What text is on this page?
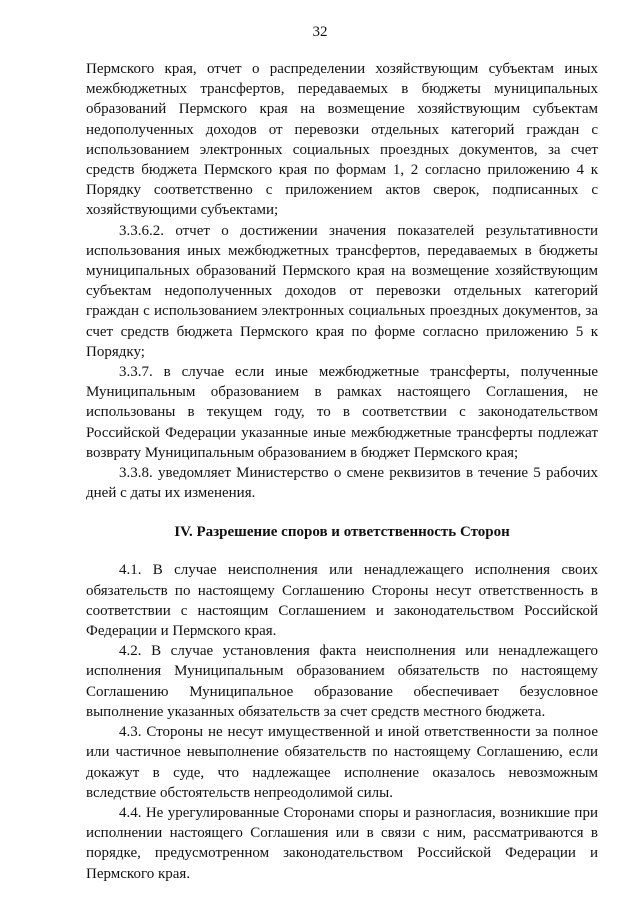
32

Пермского края, отчет о распределении хозяйствующим субъектам иных межбюджетных трансфертов, передаваемых в бюджеты муниципальных образований Пермского края на возмещение хозяйствующим субъектам недополученных доходов от перевозки отдельных категорий граждан с использованием электронных социальных проездных документов, за счет средств бюджета Пермского края по формам 1, 2 согласно приложению 4 к Порядку соответственно с приложением актов сверок, подписанных с хозяйствующими субъектами;

3.3.6.2. отчет о достижении значения показателей результативности использования иных межбюджетных трансфертов, передаваемых в бюджеты муниципальных образований Пермского края на возмещение хозяйствующим субъектам недополученных доходов от перевозки отдельных категорий граждан с использованием электронных социальных проездных документов, за счет средств бюджета Пермского края по форме согласно приложению 5 к Порядку;

3.3.7. в случае если иные межбюджетные трансферты, полученные Муниципальным образованием в рамках настоящего Соглашения, не использованы в текущем году, то в соответствии с законодательством Российской Федерации указанные иные межбюджетные трансферты подлежат возврату Муниципальным образованием в бюджет Пермского края;

3.3.8. уведомляет Министерство о смене реквизитов в течение 5 рабочих дней с даты их изменения.

IV. Разрешение споров и ответственность Сторон

4.1. В случае неисполнения или ненадлежащего исполнения своих обязательств по настоящему Соглашению Стороны несут ответственность в соответствии с настоящим Соглашением и законодательством Российской Федерации и Пермского края.

4.2. В случае установления факта неисполнения или ненадлежащего исполнения Муниципальным образованием обязательств по настоящему Соглашению Муниципальное образование обеспечивает безусловное выполнение указанных обязательств за счет средств местного бюджета.

4.3. Стороны не несут имущественной и иной ответственности за полное или частичное невыполнение обязательств по настоящему Соглашению, если докажут в суде, что надлежащее исполнение оказалось невозможным вследствие обстоятельств непреодолимой силы.

4.4. Не урегулированные Сторонами споры и разногласия, возникшие при исполнении настоящего Соглашения или в связи с ним, рассматриваются в порядке, предусмотренном законодательством Российской Федерации и Пермского края.
